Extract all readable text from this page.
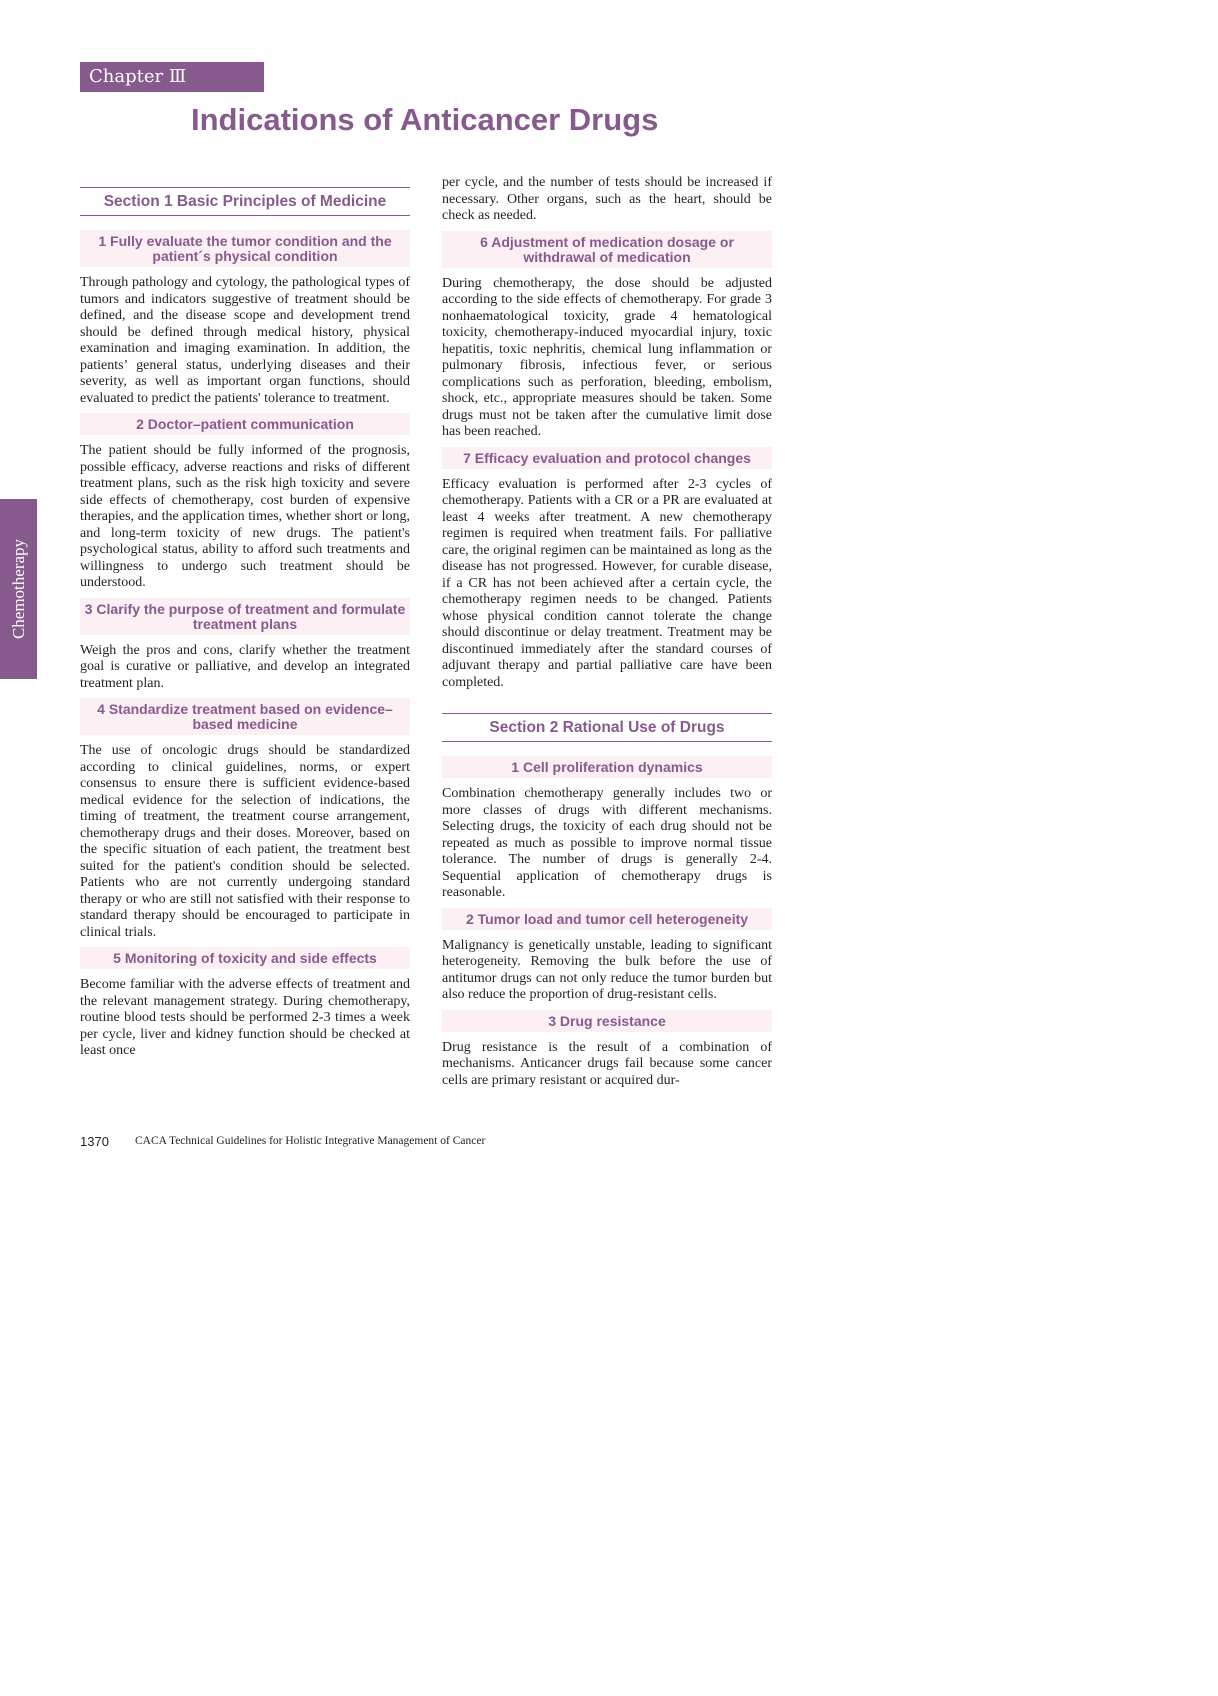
Chapter Ⅲ
Indications of Anticancer Drugs
Chemotherapy
Section 1 Basic Principles of Medicine
1 Fully evaluate the tumor condition and the patient´s physical condition

Through pathology and cytology, the pathological types of tumors and indicators suggestive of treatment should be defined, and the disease scope and development trend should be defined through medical history, physical examination and imaging examination. In addition, the patients’ general status, underlying diseases and their severity, as well as important organ functions, should evaluated to predict the patients' tolerance to treatment.

2 Doctor–patient communication

The patient should be fully informed of the prognosis, possible efficacy, adverse reactions and risks of different treatment plans, such as the risk high toxicity and severe side effects of chemotherapy, cost burden of expensive therapies, and the application times, whether short or long, and long-term toxicity of new drugs. The patient's psychological status, ability to afford such treatments and willingness to undergo such treatment should be understood.

3 Clarify the purpose of treatment and formulate treatment plans

Weigh the pros and cons, clarify whether the treatment goal is curative or palliative, and develop an integrated treatment plan.

4 Standardize treatment based on evidence–based medicine

The use of oncologic drugs should be standardized according to clinical guidelines, norms, or expert consensus to ensure there is sufficient evidence-based medical evidence for the selection of indications, the timing of treatment, the treatment course arrangement, chemotherapy drugs and their doses. Moreover, based on the specific situation of each patient, the treatment best suited for the patient's condition should be selected. Patients who are not currently undergoing standard therapy or who are still not satisfied with their response to standard therapy should be encouraged to participate in clinical trials.

5 Monitoring of toxicity and side effects

Become familiar with the adverse effects of treatment and the relevant management strategy. During chemotherapy, routine blood tests should be performed 2-3 times a week per cycle, liver and kidney function should be checked at least once

per cycle, and the number of tests should be increased if necessary. Other organs, such as the heart, should be check as needed.

6 Adjustment of medication dosage or withdrawal of medication

During chemotherapy, the dose should be adjusted according to the side effects of chemotherapy. For grade 3 nonhaematological toxicity, grade 4 hematological toxicity, chemotherapy-induced myocardial injury, toxic hepatitis, toxic nephritis, chemical lung inflammation or pulmonary fibrosis, infectious fever, or serious complications such as perforation, bleeding, embolism, shock, etc., appropriate measures should be taken. Some drugs must not be taken after the cumulative limit dose has been reached.

7 Efficacy evaluation and protocol changes

Efficacy evaluation is performed after 2-3 cycles of chemotherapy. Patients with a CR or a PR are evaluated at least 4 weeks after treatment. A new chemotherapy regimen is required when treatment fails. For palliative care, the original regimen can be maintained as long as the disease has not progressed. However, for curable disease, if a CR has not been achieved after a certain cycle, the chemotherapy regimen needs to be changed. Patients whose physical condition cannot tolerate the change should discontinue or delay treatment. Treatment may be discontinued immediately after the standard courses of adjuvant therapy and partial palliative care have been completed.

Section 2 Rational Use of Drugs
1 Cell proliferation dynamics

Combination chemotherapy generally includes two or more classes of drugs with different mechanisms. Selecting drugs, the toxicity of each drug should not be repeated as much as possible to improve normal tissue tolerance. The number of drugs is generally 2-4. Sequential application of chemotherapy drugs is reasonable.

2 Tumor load and tumor cell heterogeneity

Malignancy is genetically unstable, leading to significant heterogeneity. Removing the bulk before the use of antitumor drugs can not only reduce the tumor burden but also reduce the proportion of drug-resistant cells.

3 Drug resistance

Drug resistance is the result of a combination of mechanisms. Anticancer drugs fail because some cancer cells are primary resistant or acquired dur-

1370 CACA Technical Guidelines for Holistic Integrative Management of Cancer
